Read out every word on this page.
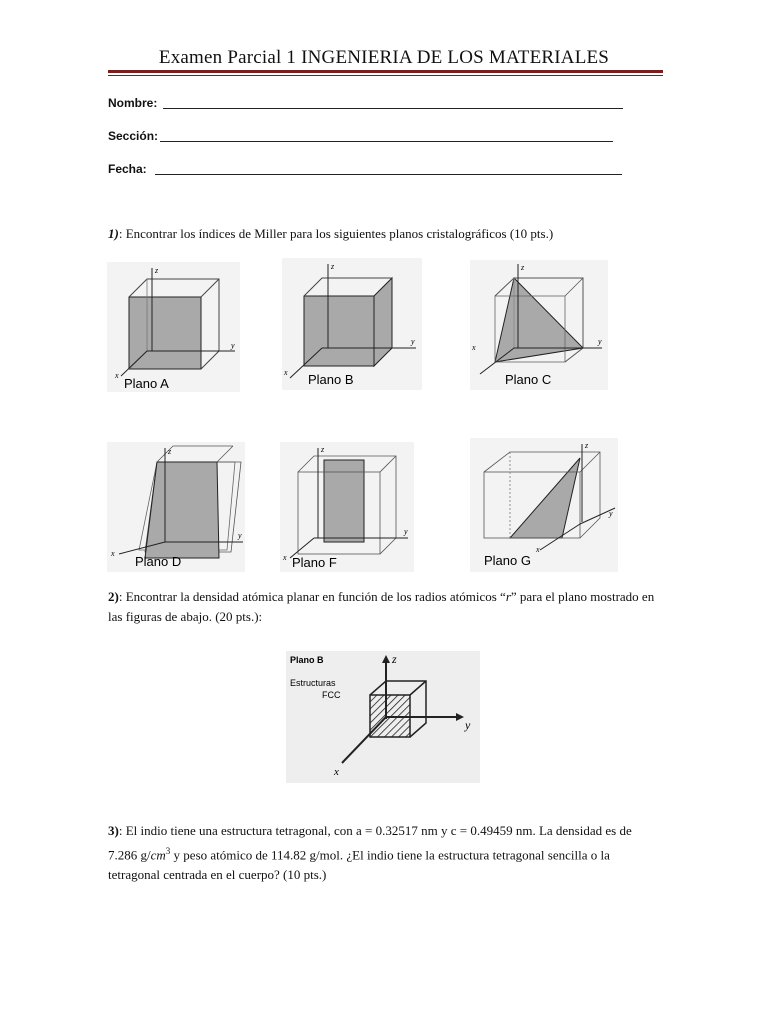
Examen Parcial 1 INGENIERIA DE LOS MATERIALES
Nombre:
Sección:
Fecha:
1): Encontrar los índices de Miller para los siguientes planos cristalográficos (10 pts.)
z
y
x
Plano A
z
y
x Plano B
z
y
x
Plano C
z
y
x
Plano D
z
y
x Plano F
z
y
x
Plano G
2): Encontrar la densidad atómica planar en función de los radios atómicos “r” para el plano mostrado en las figuras de abajo. (20 pts.):
Plano B
Estructuras
FCC
z
y
x
3): El indio tiene una estructura tetragonal, con a = 0.32517 nm y c = 0.49459 nm. La densidad es de 7.286 $g/cm^3$ y peso atómico de 114.82 g/mol. ¿El indio tiene la estructura tetragonal sencilla o la tetragonal centrada en el cuerpo? (10 pts.)
